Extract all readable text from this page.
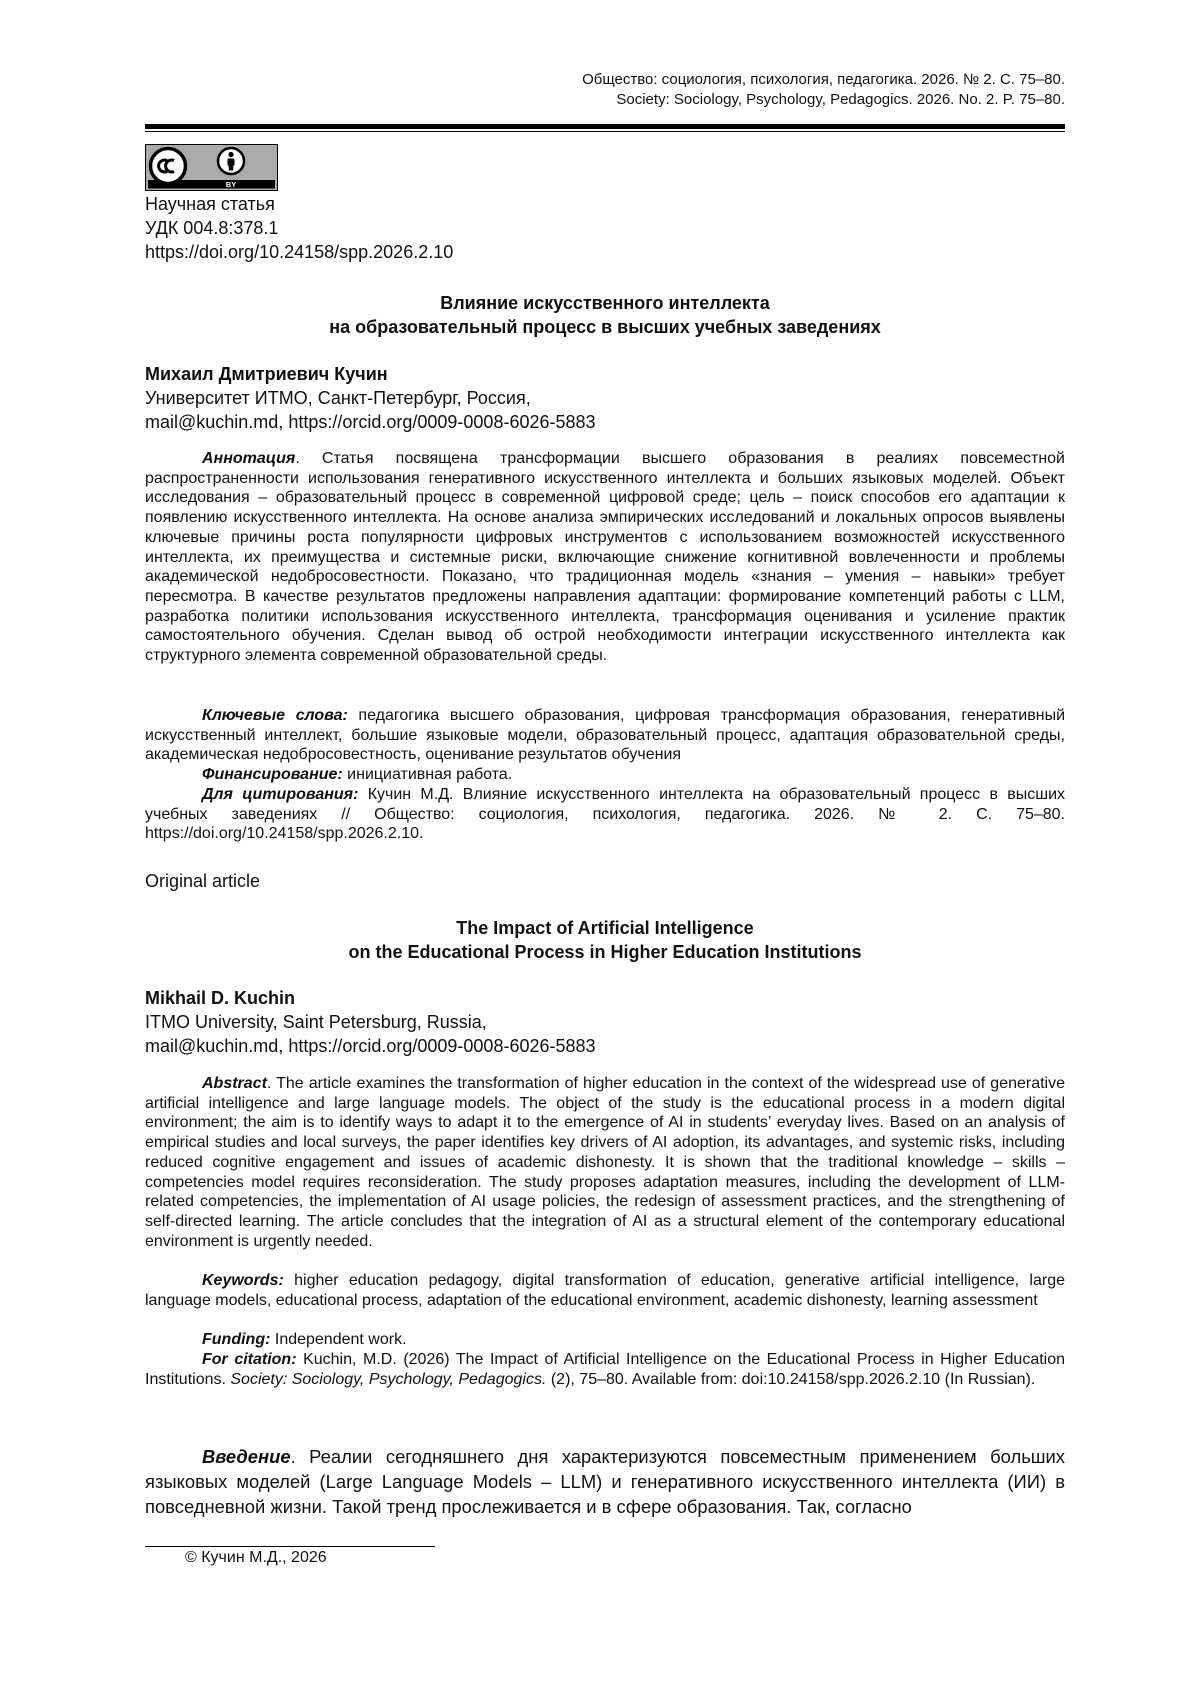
Общество: социология, психология, педагогика. 2026. № 2. С. 75–80.
Society: Sociology, Psychology, Pedagogics. 2026. No. 2. P. 75–80.
BY
Научная статья
УДК 004.8:378.1
https://doi.org/10.24158/spp.2026.2.10
Влияние искусственного интеллекта
на образовательный процесс в высших учебных заведениях
Михаил Дмитриевич Кучин
Университет ИТМО, Санкт-Петербург, Россия,
mail@kuchin.md, https://orcid.org/0009-0008-6026-5883
Аннотация. Статья посвящена трансформации высшего образования в реалиях повсеместной распространенности использования генеративного искусственного интеллекта и больших языковых моделей. Объект исследования – образовательный процесс в современной цифровой среде; цель – поиск способов его адаптации к появлению искусственного интеллекта. На основе анализа эмпирических исследований и локальных опросов выявлены ключевые причины роста популярности цифровых инструментов с использованием возможностей искусственного интеллекта, их преимущества и системные риски, включающие снижение когнитивной вовлеченности и проблемы академической недобросовестности. Показано, что традиционная модель «знания – умения – навыки» требует пересмотра. В качестве результатов предложены направления адаптации: формирование компетенций работы с LLM, разработка политики использования искусственного интеллекта, трансформация оценивания и усиление практик самостоятельного обучения. Сделан вывод об острой необходимости интеграции искусственного интеллекта как структурного элемента современной образовательной среды.
Ключевые слова: педагогика высшего образования, цифровая трансформация образования, генеративный искусственный интеллект, большие языковые модели, образовательный процесс, адаптация образовательной среды, академическая недобросовестность, оценивание результатов обучения
Финансирование: инициативная работа.
Для цитирования: Кучин М.Д. Влияние искусственного интеллекта на образовательный процесс в высших учебных заведениях // Общество: социология, психология, педагогика. 2026. № 2. С. 75–80. https://doi.org/10.24158/spp.2026.2.10.
Original article
The Impact of Artificial Intelligence
on the Educational Process in Higher Education Institutions
Mikhail D. Kuchin
ITMO University, Saint Petersburg, Russia,
mail@kuchin.md, https://orcid.org/0009-0008-6026-5883
Abstract. The article examines the transformation of higher education in the context of the widespread use of generative artificial intelligence and large language models. The object of the study is the educational process in a modern digital environment; the aim is to identify ways to adapt it to the emergence of AI in students’ everyday lives. Based on an analysis of empirical studies and local surveys, the paper identifies key drivers of AI adoption, its advantages, and systemic risks, including reduced cognitive engagement and issues of academic dishonesty. It is shown that the traditional knowledge – skills – competencies model requires reconsideration. The study proposes adaptation measures, including the development of LLM-related competencies, the implementation of AI usage policies, the redesign of assessment practices, and the strengthening of self-directed learning. The article concludes that the integration of AI as a structural element of the contemporary educational environment is urgently needed.
Keywords: higher education pedagogy, digital transformation of education, generative artificial intelligence, large language models, educational process, adaptation of the educational environment, academic dishonesty, learning assessment
Funding: Independent work.
For citation: Kuchin, M.D. (2026) The Impact of Artificial Intelligence on the Educational Process in Higher Education Institutions. Society: Sociology, Psychology, Pedagogics. (2), 75–80. Available from: doi:10.24158/spp.2026.2.10 (In Russian).
Введение. Реалии сегодняшнего дня характеризуются повсеместным применением больших языковых моделей (Large Language Models – LLM) и генеративного искусственного интеллекта (ИИ) в повседневной жизни. Такой тренд прослеживается и в сфере образования. Так, согласно
© Кучин М.Д., 2026
